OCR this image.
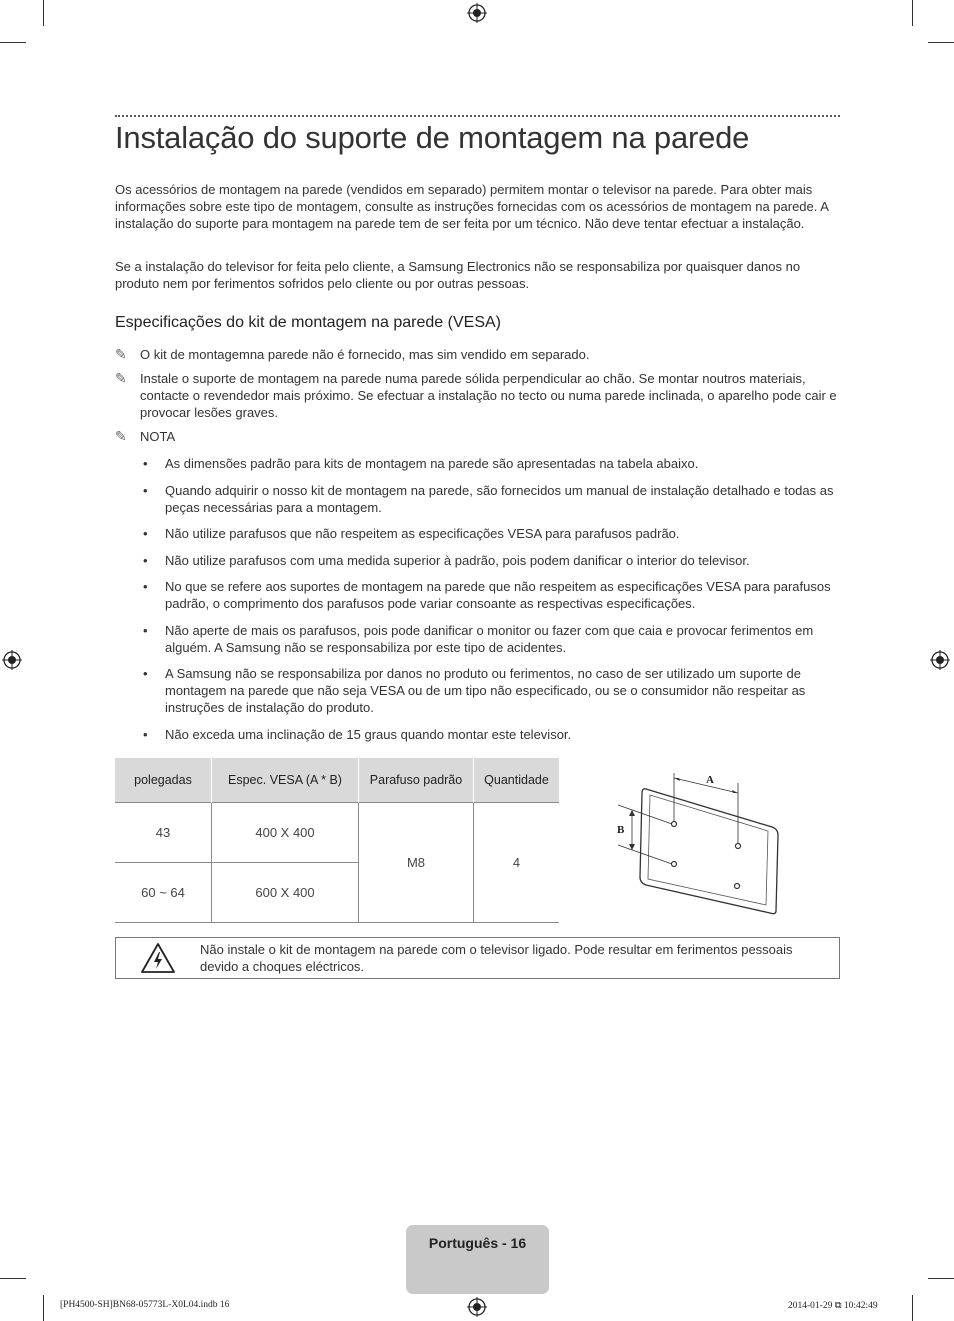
Instalação do suporte de montagem na parede

Os acessórios de montagem na parede (vendidos em separado) permitem montar o televisor na parede. Para obter mais informações sobre este tipo de montagem, consulte as instruções fornecidas com os acessórios de montagem na parede. A instalação do suporte para montagem na parede tem de ser feita por um técnico. Não deve tentar efectuar a instalação.

Se a instalação do televisor for feita pelo cliente, a Samsung Electronics não se responsabiliza por quaisquer danos no produto nem por ferimentos sofridos pelo cliente ou por outras pessoas.

Especificações do kit de montagem na parede (VESA)
✎ O kit de montagemna parede não é fornecido, mas sim vendido em separado.
✎ Instale o suporte de montagem na parede numa parede sólida perpendicular ao chão. Se montar noutros materiais, contacte o revendedor mais próximo. Se efectuar a instalação no tecto ou numa parede inclinada, o aparelho pode cair e provocar lesões graves.
✎ NOTA
• As dimensões padrão para kits de montagem na parede são apresentadas na tabela abaixo.
• Quando adquirir o nosso kit de montagem na parede, são fornecidos um manual de instalação detalhado e todas as peças necessárias para a montagem.
• Não utilize parafusos que não respeitem as especificações VESA para parafusos padrão.
• Não utilize parafusos com uma medida superior à padrão, pois podem danificar o interior do televisor.
• No que se refere aos suportes de montagem na parede que não respeitem as especificações VESA para parafusos padrão, o comprimento dos parafusos pode variar consoante as respectivas especificações.
• Não aperte de mais os parafusos, pois pode danificar o monitor ou fazer com que caia e provocar ferimentos em alguém. A Samsung não se responsabiliza por este tipo de acidentes.
• A Samsung não se responsabiliza por danos no produto ou ferimentos, no caso de ser utilizado um suporte de montagem na parede que não seja VESA ou de um tipo não especificado, ou se o consumidor não respeitar as instruções de instalação do produto.
• Não exceda uma inclinação de 15 graus quando montar este televisor.
polegadas	Espec. VESA (A * B)	Parafuso padrão	Quantidade
43	400 X 400	M8	4
60 ~ 64	600 X 400		
A
B
Não instale o kit de montagem na parede com o televisor ligado. Pode resultar em ferimentos pessoais devido a choques eléctricos.
Português - 16
[PH4500-SH]BN68-05773L-X0L04.indb 16	2014-01-29 ⧉ 10:42:49
